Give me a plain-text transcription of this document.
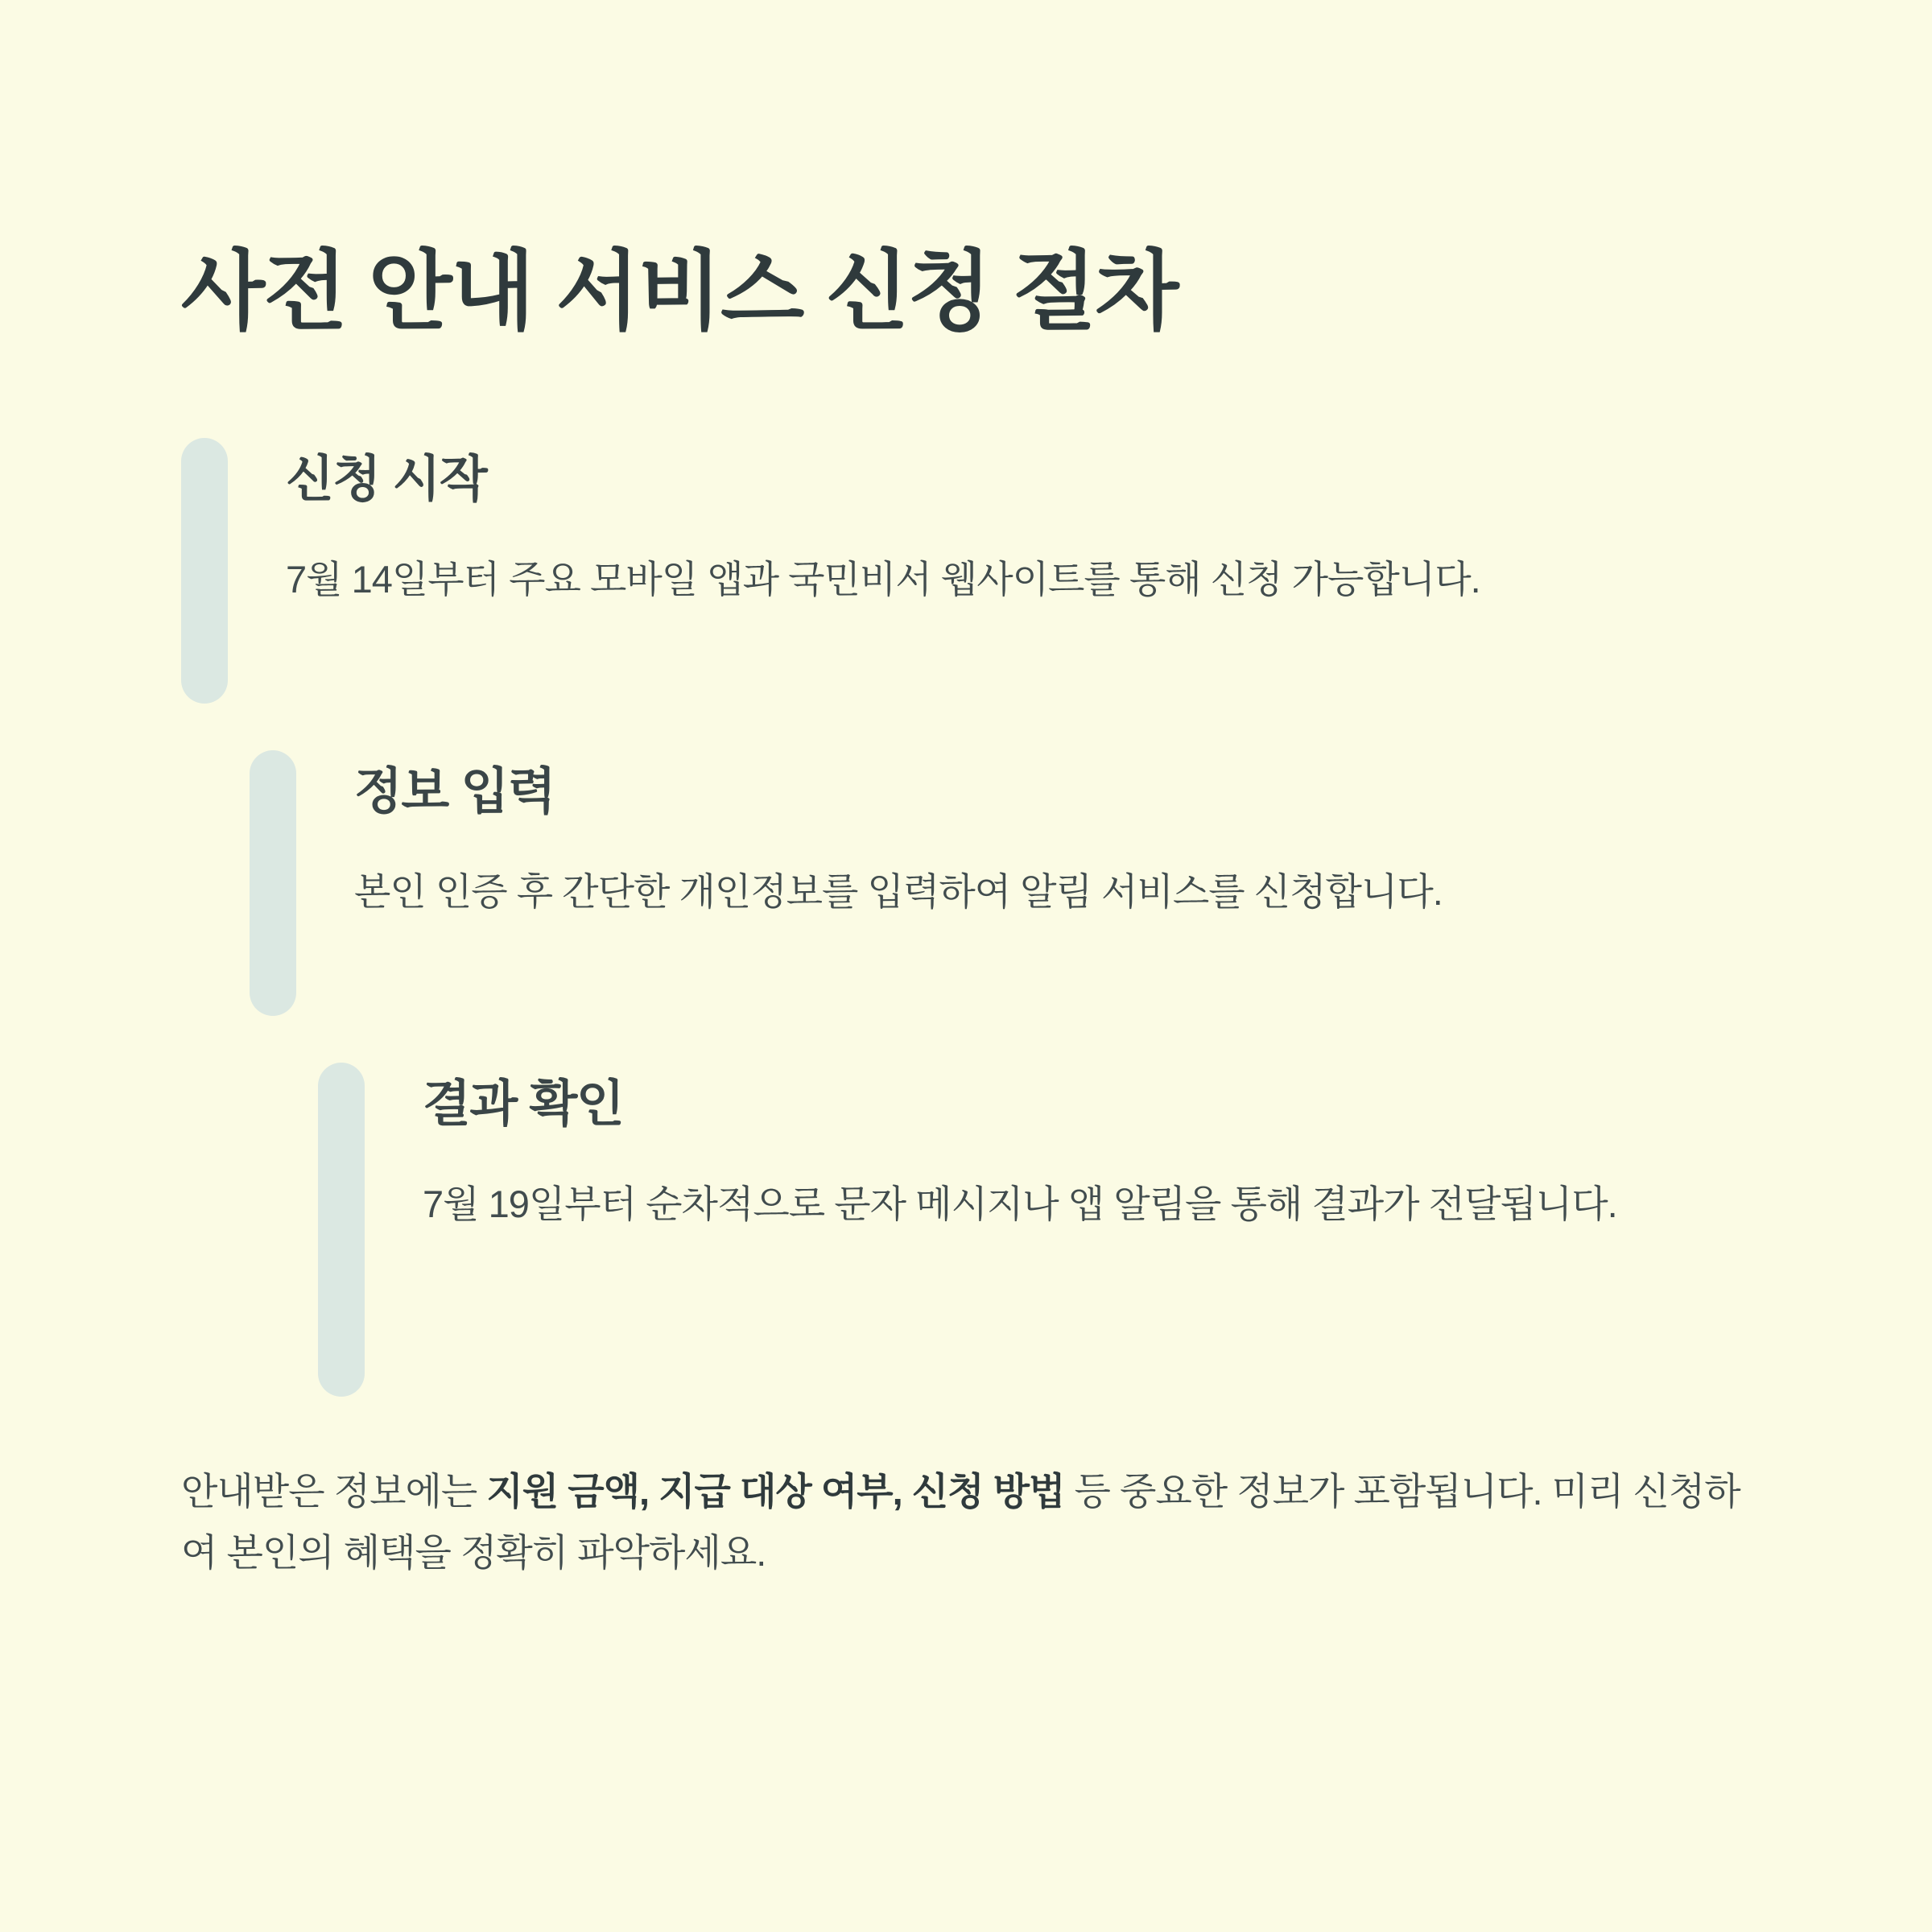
사전 안내 서비스 신청 절차
신청 시작

7월 14일부터 주요 모바일 앱과 국민비서 웹사이트를 통해 신청 가능합니다.

정보 입력

본인 인증 후 간단한 개인정보를 입력하여 알림 서비스를 신청합니다.

결과 확인

7월 19일부터 순차적으로 문자 메시지나 앱 알림을 통해 결과가 전달됩니다.

안내받은 정보에는 지원 금액, 지급 대상 여부, 신청 방법 등 중요한 정보가 포함됩니다. 미리 신청하여 본인의 혜택을 정확히 파악하세요.
